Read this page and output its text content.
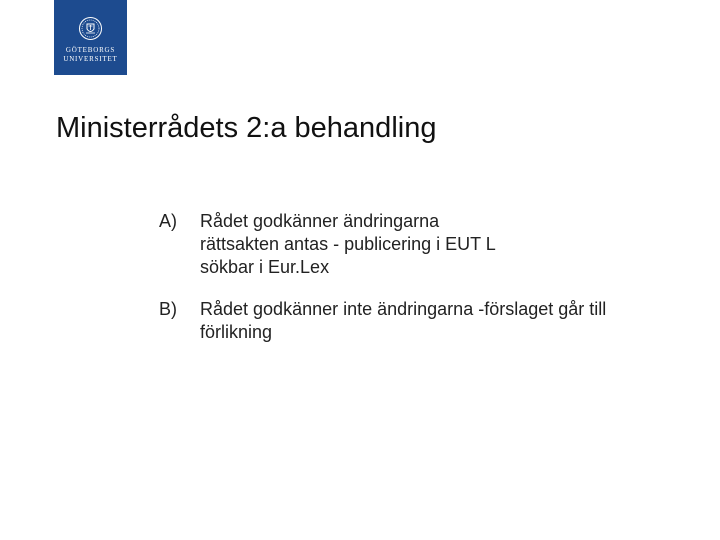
GÖTEBORGS
UNIVERSITET
Ministerrådets 2:a behandling
A) Rådet godkänner ändringarna
rättsakten antas - publicering i EUT L
sökbar i Eur.Lex
B) Rådet godkänner inte ändringarna -förslaget går till
förlikning
